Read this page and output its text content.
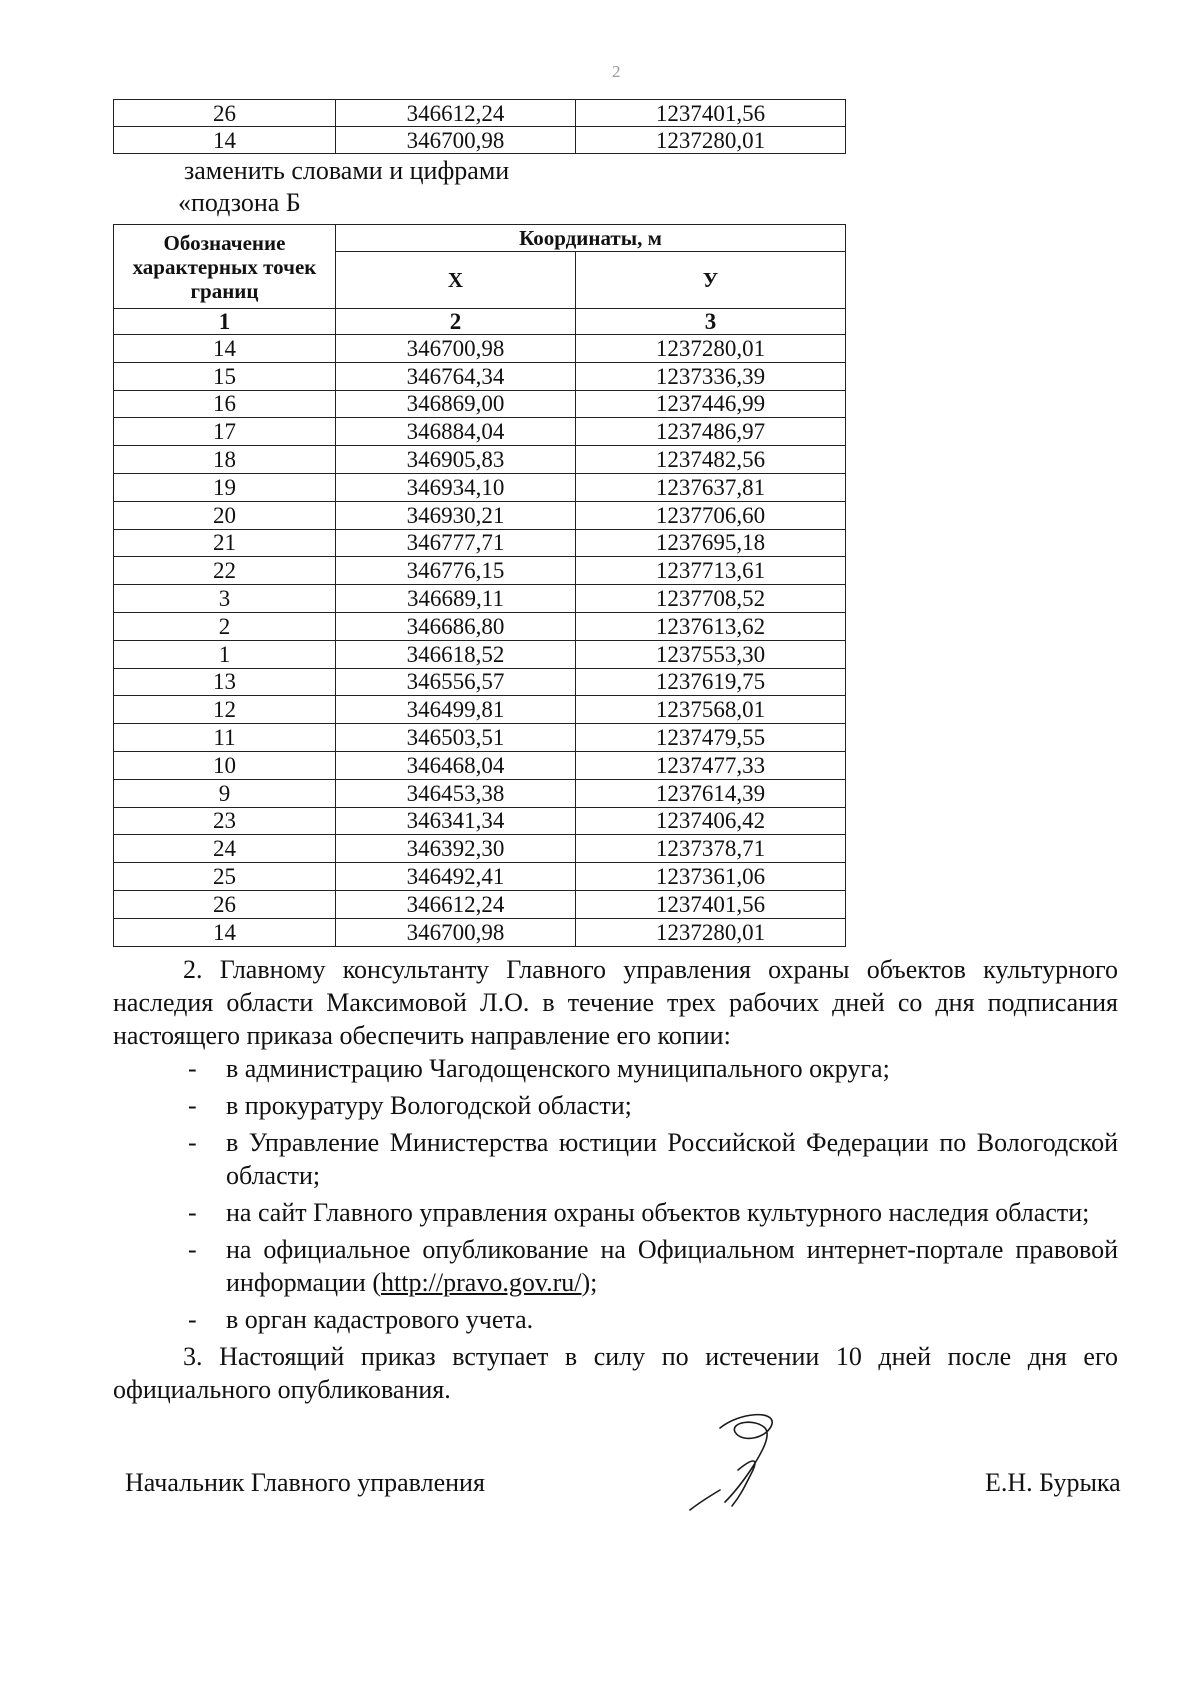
2
26	346612,24	1237401,56
14	346700,98	1237280,01
заменить словами и цифрами
«подзона Б
Обозначение характерных точек границ	Координаты, м	
	Х	У
1	2	3
14	346700,98	1237280,01
15	346764,34	1237336,39
16	346869,00	1237446,99
17	346884,04	1237486,97
18	346905,83	1237482,56
19	346934,10	1237637,81
20	346930,21	1237706,60
21	346777,71	1237695,18
22	346776,15	1237713,61
3	346689,11	1237708,52
2	346686,80	1237613,62
1	346618,52	1237553,30
13	346556,57	1237619,75
12	346499,81	1237568,01
11	346503,51	1237479,55
10	346468,04	1237477,33
9	346453,38	1237614,39
23	346341,34	1237406,42
24	346392,30	1237378,71
25	346492,41	1237361,06
26	346612,24	1237401,56
14	346700,98	1237280,01

2. Главному консультанту Главного управления охраны объектов культурного наследия области Максимовой Л.О. в течение трех рабочих дней со дня подписания настоящего приказа обеспечить направление его копии:

- в администрацию Чагодощенского муниципального округа;
- в прокуратуру Вологодской области;
- в Управление Министерства юстиции Российской Федерации по Вологодской области;
- на сайт Главного управления охраны объектов культурного наследия области;
- на официальное опубликование на Официальном интернет-портале правовой информации (http://pravo.gov.ru/);
- в орган кадастрового учета.

3. Настоящий приказ вступает в силу по истечении 10 дней после дня его официального опубликования.

Начальник Главного управления	Е.Н. Бурыка
